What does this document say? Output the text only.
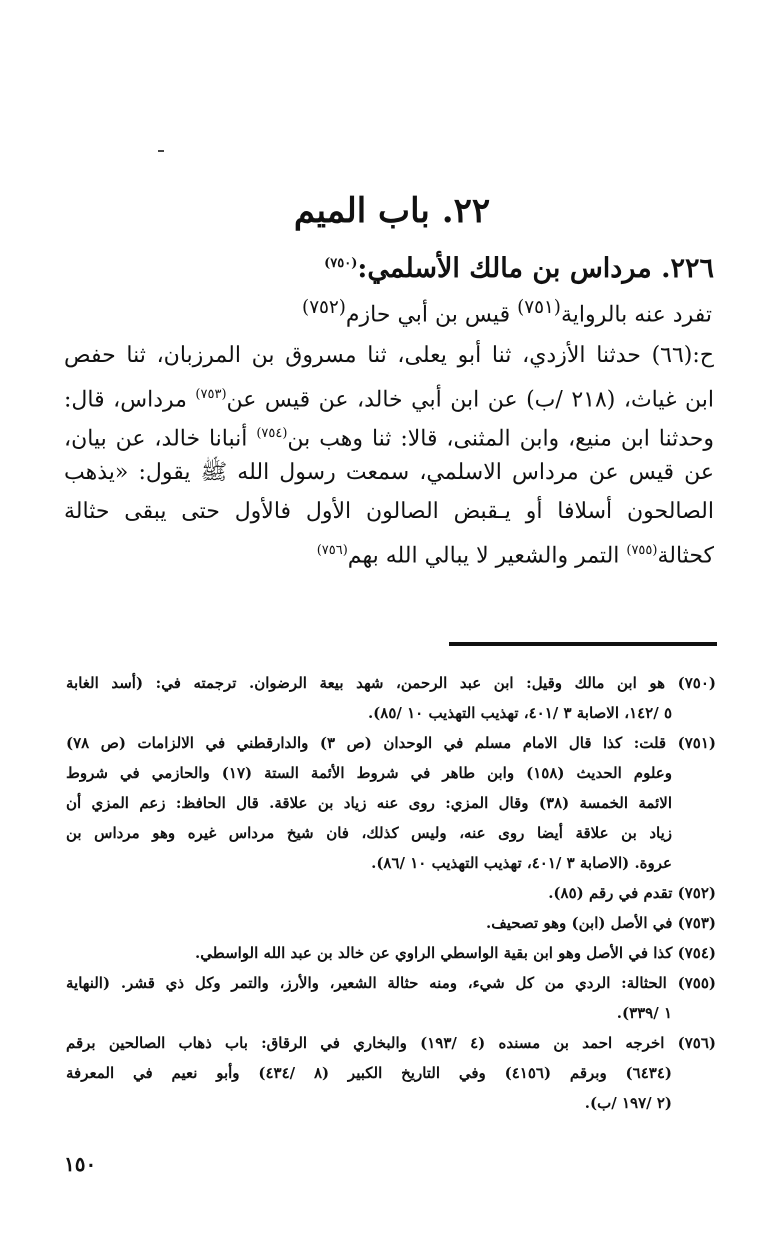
٢٢. باب الميم
٢٢٦. مرداس بن مالك الأسلمي:$^{(٧٥٠)}$
تفرد عنه بالرواية$^{(٧٥١)}$ قيس بن أبي حازم$^{(٧٥٢)}$
ح:(٦٦) حدثنا الأزدي، ثنا أبو يعلى، ثنا مسروق بن المرزبان، ثنا حفص
ابن غياث، (٢١٨ /ب) عن ابن أبي خالد، عن قيس عن$^{(٧٥٣)}$ مرداس، قال:
وحدثنا ابن منيع، وابن المثنى، قالا: ثنا وهب بن$^{(٧٥٤)}$ أنبانا خالد، عن بيان،
عن قيس عن مرداس الاسلمي، سمعت رسول الله ﷺ يقول: «يذهب
الصالحون أسلافا أو يـقبض الصالون الأول فالأول حتى يبقى حثالة
كحثالة$^{(٧٥٥)}$ التمر والشعير لا يبالي الله بهم$^{(٧٥٦)}$
(٧٥٠) هو ابن مالك وقيل: ابن عبد الرحمن، شهد بيعة الرضوان. ترجمته في: (أسد الغابة
٥ /١٤٢، الاصابة ٣ /٤٠١، تهذيب التهذيب ١٠ /٨٥).
(٧٥١) قلت: كذا قال الامام مسلم في الوحدان (ص ٣) والدارقطني في الالزامات (ص ٧٨)
وعلوم الحديث (١٥٨) وابن طاهر في شروط الأئمة الستة (١٧) والحازمي في شروط
الائمة الخمسة (٣٨) وقال المزي: روى عنه زياد بن علاقة. قال الحافظ: زعم المزي أن
زياد بن علاقة أيضا روى عنه، وليس كذلك، فان شيخ مرداس غيره وهو مرداس بن
عروة. (الاصابة ٣ /٤٠١، تهذيب التهذيب ١٠ /٨٦).
(٧٥٢) تقدم في رقم (٨٥).
(٧٥٣) في الأصل (ابن) وهو تصحيف.
(٧٥٤) كذا في الأصل وهو ابن بقية الواسطي الراوي عن خالد بن عبد الله الواسطي.
(٧٥٥) الحثالة: الردي من كل شيء، ومنه حثالة الشعير، والأرز، والتمر وكل ذي قشر. (النهاية
١ /٣٣٩).
(٧٥٦) اخرجه احمد بن مسنده (٤ /١٩٣) والبخاري في الرقاق: باب ذهاب الصالحين برقم
(٦٤٣٤) وبرقم (٤١٥٦) وفي التاريخ الكبير (٨ /٤٣٤) وأبو نعيم في المعرفة
(٢ /١٩٧ /ب).
١٥٠
